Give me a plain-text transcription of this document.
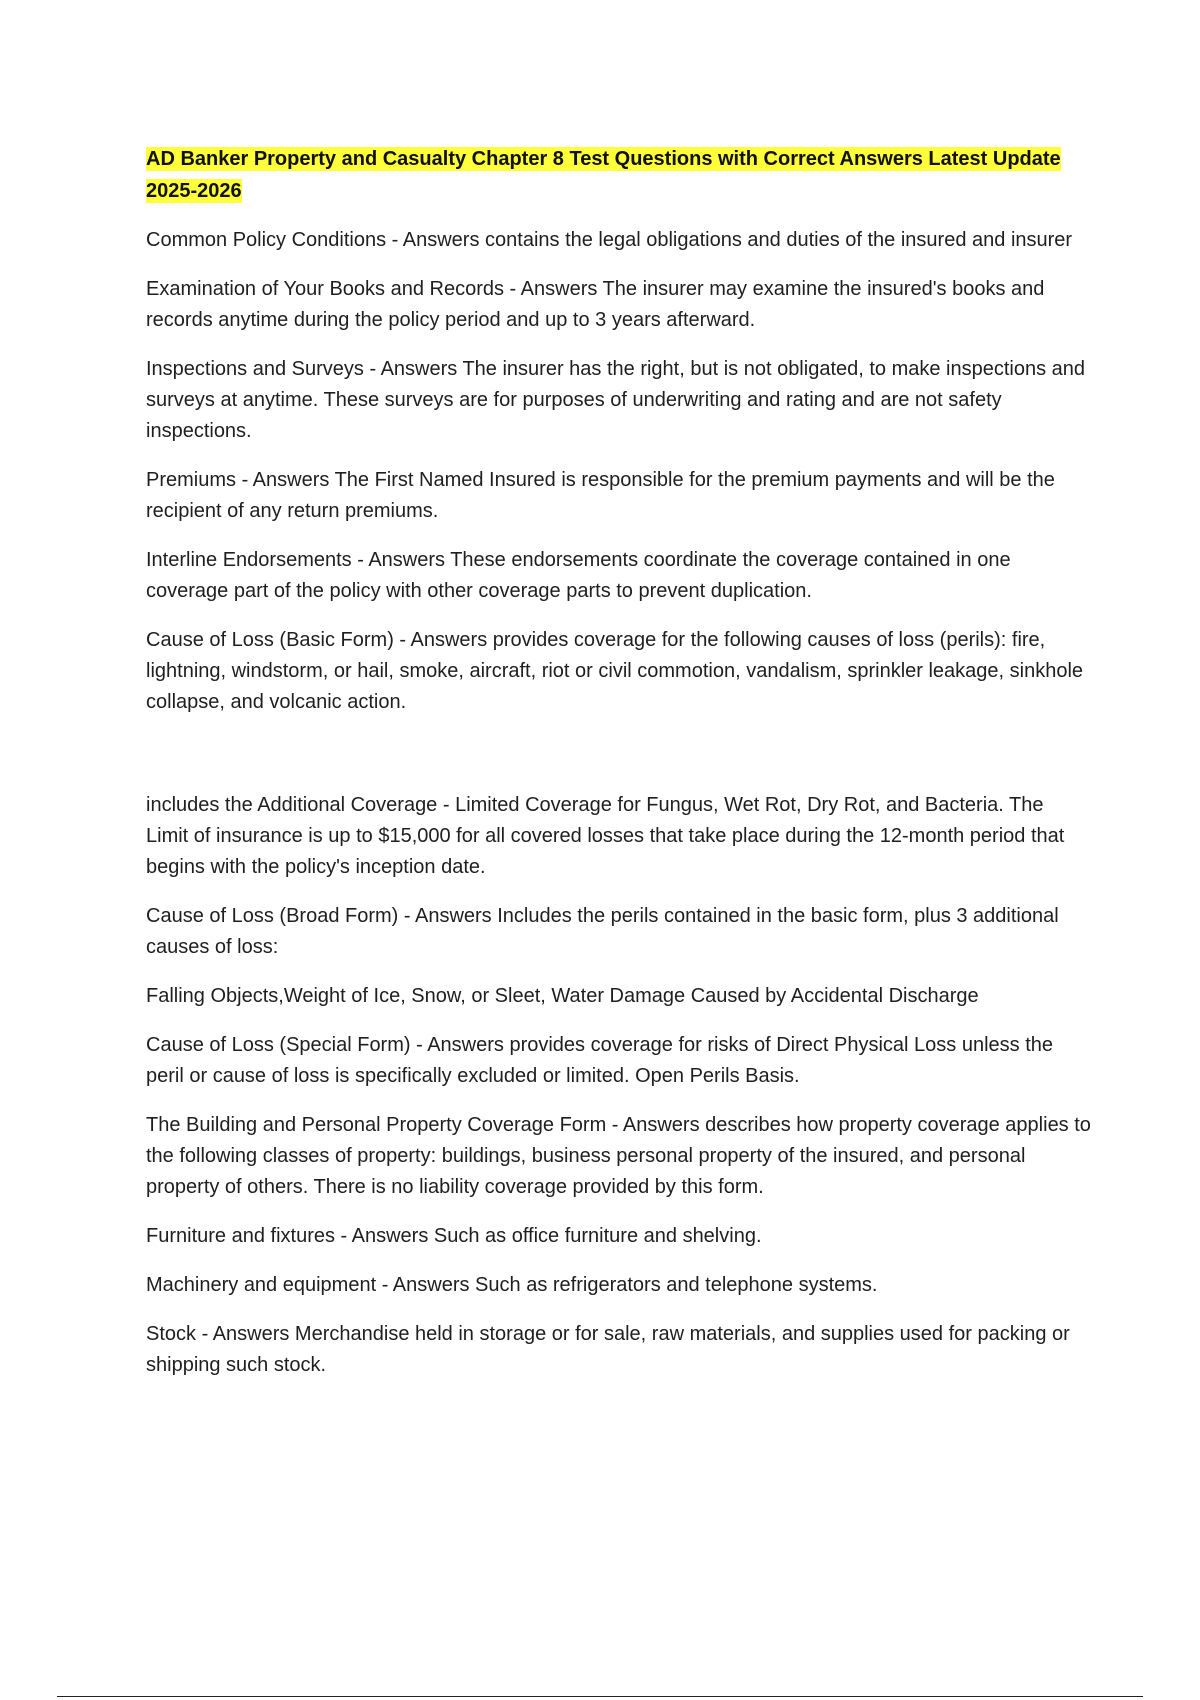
AD Banker Property and Casualty Chapter 8 Test Questions with Correct Answers Latest Update 2025-2026

Common Policy Conditions - Answers contains the legal obligations and duties of the insured and insurer

Examination of Your Books and Records - Answers The insurer may examine the insured's books and records anytime during the policy period and up to 3 years afterward.

Inspections and Surveys - Answers The insurer has the right, but is not obligated, to make inspections and surveys at anytime. These surveys are for purposes of underwriting and rating and are not safety inspections.

Premiums - Answers The First Named Insured is responsible for the premium payments and will be the recipient of any return premiums.

Interline Endorsements - Answers These endorsements coordinate the coverage contained in one coverage part of the policy with other coverage parts to prevent duplication.

Cause of Loss (Basic Form) - Answers provides coverage for the following causes of loss (perils): fire, lightning, windstorm, or hail, smoke, aircraft, riot or civil commotion, vandalism, sprinkler leakage, sinkhole collapse, and volcanic action.

includes the Additional Coverage - Limited Coverage for Fungus, Wet Rot, Dry Rot, and Bacteria. The Limit of insurance is up to $15,000 for all covered losses that take place during the 12-month period that begins with the policy's inception date.

Cause of Loss (Broad Form) - Answers Includes the perils contained in the basic form, plus 3 additional causes of loss:

Falling Objects,Weight of Ice, Snow, or Sleet, Water Damage Caused by Accidental Discharge

Cause of Loss (Special Form) - Answers provides coverage for risks of Direct Physical Loss unless the peril or cause of loss is specifically excluded or limited. Open Perils Basis.

The Building and Personal Property Coverage Form - Answers describes how property coverage applies to the following classes of property: buildings, business personal property of the insured, and personal property of others. There is no liability coverage provided by this form.

Furniture and fixtures - Answers Such as office furniture and shelving.

Machinery and equipment - Answers Such as refrigerators and telephone systems.

Stock - Answers Merchandise held in storage or for sale, raw materials, and supplies used for packing or shipping such stock.
